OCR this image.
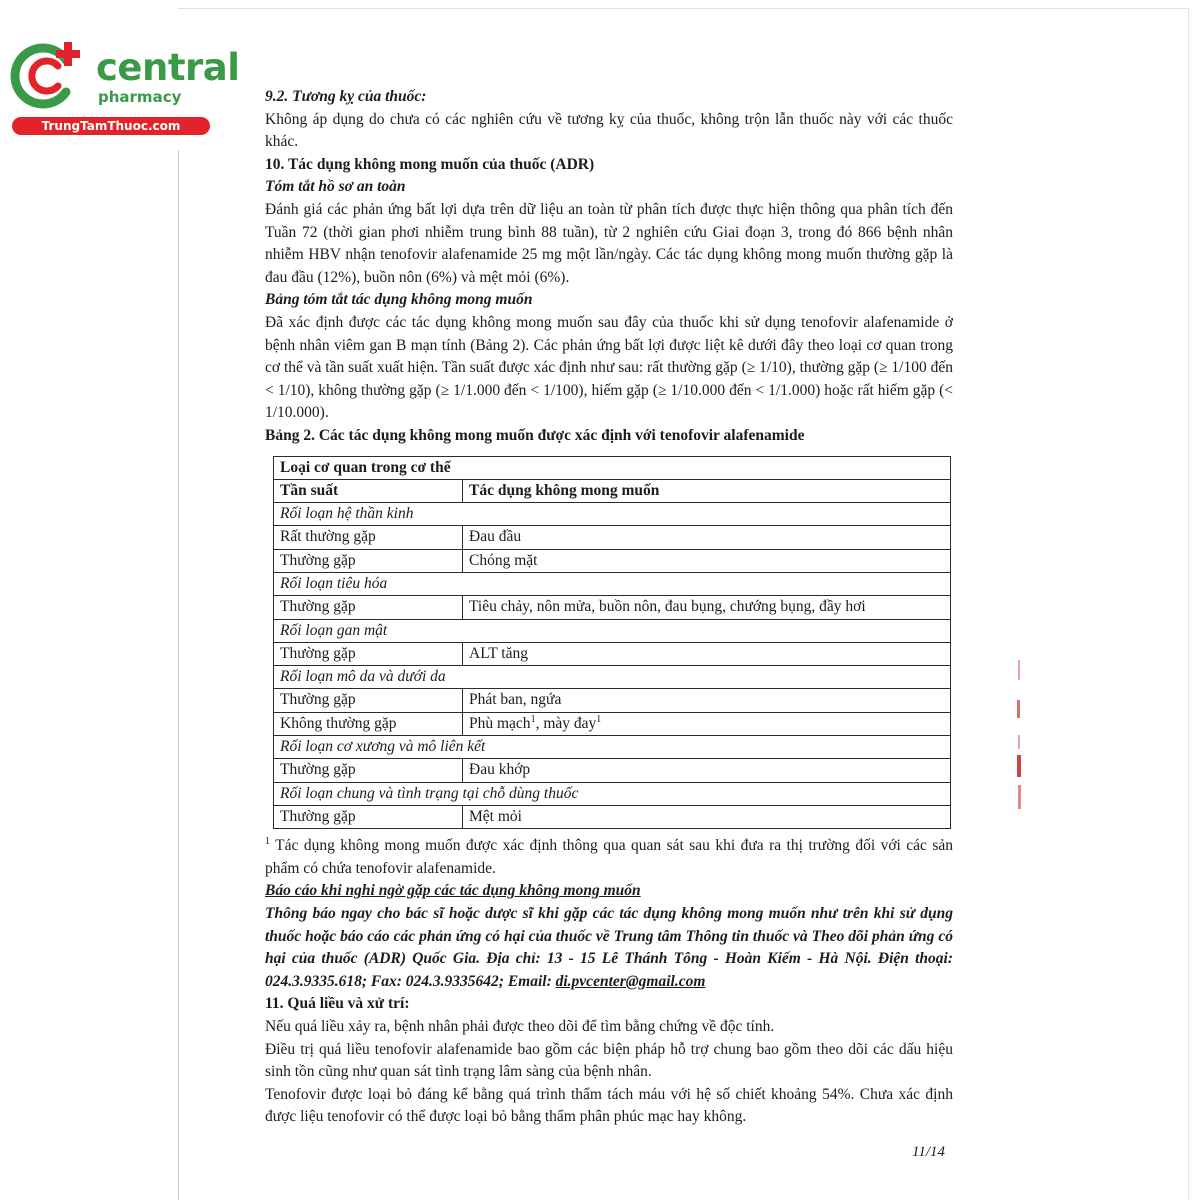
central
pharmacy
TrungTamThuoc.com

9.2. Tương kỵ của thuốc:

Không áp dụng do chưa có các nghiên cứu về tương kỵ của thuốc, không trộn lẫn thuốc này với các thuốc khác.

10. Tác dụng không mong muốn của thuốc (ADR)

Tóm tắt hồ sơ an toàn

Đánh giá các phản ứng bất lợi dựa trên dữ liệu an toàn từ phân tích được thực hiện thông qua phân tích đến Tuần 72 (thời gian phơi nhiễm trung bình 88 tuần), từ 2 nghiên cứu Giai đoạn 3, trong đó 866 bệnh nhân nhiễm HBV nhận tenofovir alafenamide 25 mg một lần/ngày. Các tác dụng không mong muốn thường gặp là đau đầu (12%), buồn nôn (6%) và mệt mỏi (6%).

Bảng tóm tắt tác dụng không mong muốn

Đã xác định được các tác dụng không mong muốn sau đây của thuốc khi sử dụng tenofovir alafenamide ở bệnh nhân viêm gan B mạn tính (Bảng 2). Các phản ứng bất lợi được liệt kê dưới đây theo loại cơ quan trong cơ thể và tần suất xuất hiện. Tần suất được xác định như sau: rất thường gặp (≥ 1/10), thường gặp (≥ 1/100 đến < 1/10), không thường gặp (≥ 1/1.000 đến < 1/100), hiếm gặp (≥ 1/10.000 đến < 1/1.000) hoặc rất hiếm gặp (< 1/10.000).

Bảng 2. Các tác dụng không mong muốn được xác định với tenofovir alafenamide

Loại cơ quan trong cơ thể	
Tần suất	Tác dụng không mong muốn
Rối loạn hệ thần kinh	
Rất thường gặp	Đau đầu
Thường gặp	Chóng mặt
Rối loạn tiêu hóa	
Thường gặp	Tiêu chảy, nôn mửa, buồn nôn, đau bụng, chướng bụng, đầy hơi
Rối loạn gan mật	
Thường gặp	ALT tăng
Rối loạn mô da và dưới da	
Thường gặp	Phát ban, ngứa
Không thường gặp	Phù mạch$^1$, mày đay$^1$
Rối loạn cơ xương và mô liên kết	
Thường gặp	Đau khớp
Rối loạn chung và tình trạng tại chỗ dùng thuốc	
Thường gặp	Mệt mỏi

$^1$ Tác dụng không mong muốn được xác định thông qua quan sát sau khi đưa ra thị trường đối với các sản phẩm có chứa tenofovir alafenamide.

Báo cáo khi nghi ngờ gặp các tác dụng không mong muốn

Thông báo ngay cho bác sĩ hoặc dược sĩ khi gặp các tác dụng không mong muốn như trên khi sử dụng thuốc hoặc báo cáo các phản ứng có hại của thuốc về Trung tâm Thông tin thuốc và Theo dõi phản ứng có hại của thuốc (ADR) Quốc Gia. Địa chỉ: 13 - 15 Lê Thánh Tông - Hoàn Kiếm - Hà Nội. Điện thoại: 024.3.9335.618; Fax: 024.3.9335642; Email: di.pvcenter@gmail.com

11. Quá liều và xử trí:

Nếu quá liều xảy ra, bệnh nhân phải được theo dõi để tìm bằng chứng về độc tính.

Điều trị quá liều tenofovir alafenamide bao gồm các biện pháp hỗ trợ chung bao gồm theo dõi các dấu hiệu sinh tồn cũng như quan sát tình trạng lâm sàng của bệnh nhân.

Tenofovir được loại bỏ đáng kể bằng quá trình thẩm tách máu với hệ số chiết khoảng 54%. Chưa xác định được liệu tenofovir có thể được loại bỏ bằng thẩm phân phúc mạc hay không.

11/14
